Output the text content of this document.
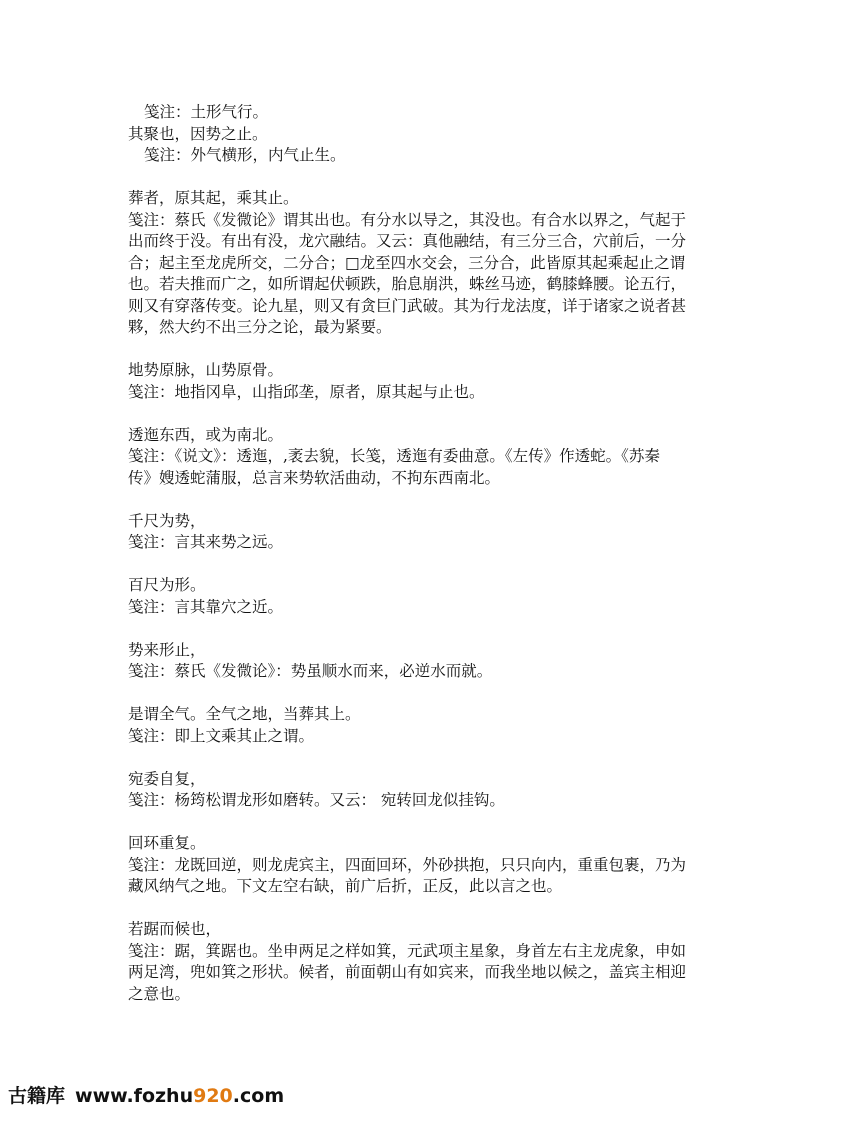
笺注：土形气行。
其聚也，因势之止。
笺注：外气横形，内气止生。
葬者，原其起，乘其止。
笺注：蔡氏《发微论》谓其出也。有分水以导之，其没也。有合水以界之，气起于
出而终于没。有出有没，龙穴融结。又云：真他融结，有三分三合，穴前后，一分
合；起主至龙虎所交，二分合；□龙至四水交会，三分合，此皆原其起乘起止之谓
也。若夫推而广之，如所谓起伏顿跌，胎息崩洪，蛛丝马迹，鹤膝蜂腰。论五行，
则又有穿落传变。论九星，则又有贪巨门武破。其为行龙法度，详于诸家之说者甚
夥，然大约不出三分之论，最为紧要。
地势原脉，山势原骨。
笺注：地指冈阜，山指邱垄，原者，原其起与止也。
透迤东西，或为南北。
笺注：《说文》：透迤，,袤去貌，长笺，透迤有委曲意。《左传》作透蛇。《苏秦
传》嫂透蛇蒲服，总言来势软活曲动，不拘东西南北。
千尺为势，
笺注：言其来势之远。
百尺为形。
笺注：言其靠穴之近。
势来形止，
笺注：蔡氏《发微论》：势虽顺水而来，必逆水而就。
是谓全气。全气之地，当葬其上。
笺注：即上文乘其止之谓。
宛委自复，
笺注：杨筠松谓龙形如磨转。又云： 宛转回龙似挂钩。
回环重复。
笺注：龙既回逆，则龙虎宾主，四面回环，外砂拱抱，只只向内，重重包裹，乃为
藏风纳气之地。下文左空右缺，前广后折，正反，此以言之也。
若踞而候也，
笺注：踞，箕踞也。坐申两足之样如箕，元武项主星象，身首左右主龙虎象，申如
两足湾，兜如箕之形状。候者，前面朝山有如宾来，而我坐地以候之，盖宾主相迎
之意也。
古籍库 www.fozhu920.com
